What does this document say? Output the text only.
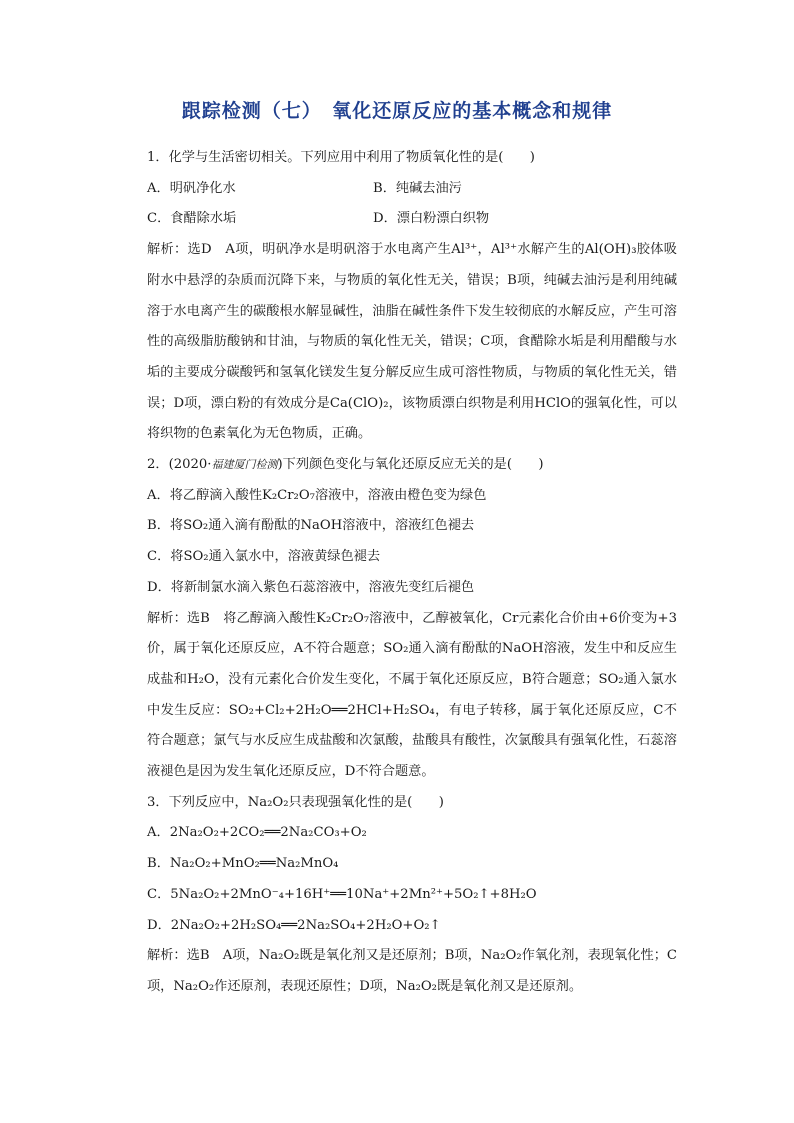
跟踪检测（七）　氧化还原反应的基本概念和规律

1．化学与生活密切相关。下列应用中利用了物质氧化性的是(　　)

A．明矾净化水	B．纯碱去油污
C．食醋除水垢	D．漂白粉漂白织物

解析：选D　A项，明矾净水是明矾溶于水电离产生Al³⁺，Al³⁺水解产生的Al(OH)₃胶体吸附水中悬浮的杂质而沉降下来，与物质的氧化性无关，错误；B项，纯碱去油污是利用纯碱溶于水电离产生的碳酸根水解显碱性，油脂在碱性条件下发生较彻底的水解反应，产生可溶性的高级脂肪酸钠和甘油，与物质的氧化性无关，错误；C项，食醋除水垢是利用醋酸与水垢的主要成分碳酸钙和氢氧化镁发生复分解反应生成可溶性物质，与物质的氧化性无关，错误；D项，漂白粉的有效成分是Ca(ClO)₂，该物质漂白织物是利用HClO的强氧化性，可以将织物的色素氧化为无色物质，正确。

2．(2020·福建厦门检测)下列颜色变化与氧化还原反应无关的是(　　)

A．将乙醇滴入酸性K₂Cr₂O₇溶液中，溶液由橙色变为绿色

B．将SO₂通入滴有酚酞的NaOH溶液中，溶液红色褪去

C．将SO₂通入氯水中，溶液黄绿色褪去

D．将新制氯水滴入紫色石蕊溶液中，溶液先变红后褪色

解析：选B　将乙醇滴入酸性K₂Cr₂O₇溶液中，乙醇被氧化，Cr元素化合价由+6价变为+3价，属于氧化还原反应，A不符合题意；SO₂通入滴有酚酞的NaOH溶液，发生中和反应生成盐和H₂O，没有元素化合价发生变化，不属于氧化还原反应，B符合题意；SO₂通入氯水中发生反应：SO₂+Cl₂+2H₂O══2HCl+H₂SO₄，有电子转移，属于氧化还原反应，C不符合题意；氯气与水反应生成盐酸和次氯酸，盐酸具有酸性，次氯酸具有强氧化性，石蕊溶液褪色是因为发生氧化还原反应，D不符合题意。

3．下列反应中，Na₂O₂只表现强氧化性的是(　　)

A．2Na₂O₂+2CO₂══2Na₂CO₃+O₂

B．Na₂O₂+MnO₂══Na₂MnO₄

C．5Na₂O₂+2MnO⁻₄+16H⁺══10Na⁺+2Mn²⁺+5O₂↑+8H₂O

D．2Na₂O₂+2H₂SO₄══2Na₂SO₄+2H₂O+O₂↑

解析：选B　A项，Na₂O₂既是氧化剂又是还原剂；B项，Na₂O₂作氧化剂，表现氧化性；C项，Na₂O₂作还原剂，表现还原性；D项，Na₂O₂既是氧化剂又是还原剂。
